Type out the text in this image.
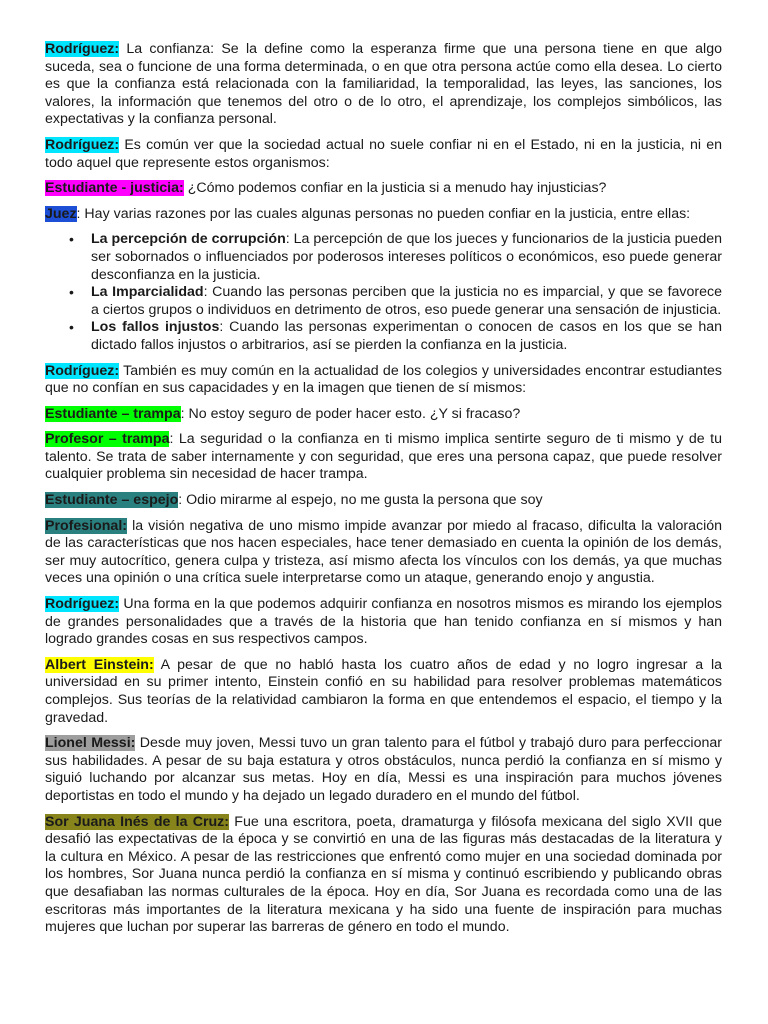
Rodríguez: La confianza: Se la define como la esperanza firme que una persona tiene en que algo suceda, sea o funcione de una forma determinada, o en que otra persona actúe como ella desea. Lo cierto es que la confianza está relacionada con la familiaridad, la temporalidad, las leyes, las sanciones, los valores, la información que tenemos del otro o de lo otro, el aprendizaje, los complejos simbólicos, las expectativas y la confianza personal.

Rodríguez: Es común ver que la sociedad actual no suele confiar ni en el Estado, ni en la justicia, ni en todo aquel que represente estos organismos:

Estudiante - justicia: ¿Cómo podemos confiar en la justicia si a menudo hay injusticias?

Juez: Hay varias razones por las cuales algunas personas no pueden confiar en la justicia, entre ellas:

• La percepción de corrupción: La percepción de que los jueces y funcionarios de la justicia pueden ser sobornados o influenciados por poderosos intereses políticos o económicos, eso puede generar desconfianza en la justicia.
• La Imparcialidad: Cuando las personas perciben que la justicia no es imparcial, y que se favorece a ciertos grupos o individuos en detrimento de otros, eso puede generar una sensación de injusticia.
• Los fallos injustos: Cuando las personas experimentan o conocen de casos en los que se han dictado fallos injustos o arbitrarios, así se pierden la confianza en la justicia.

Rodríguez: También es muy común en la actualidad de los colegios y universidades encontrar estudiantes que no confían en sus capacidades y en la imagen que tienen de sí mismos:

Estudiante – trampa: No estoy seguro de poder hacer esto. ¿Y si fracaso?

Profesor – trampa: La seguridad o la confianza en ti mismo implica sentirte seguro de ti mismo y de tu talento. Se trata de saber internamente y con seguridad, que eres una persona capaz, que puede resolver cualquier problema sin necesidad de hacer trampa.

Estudiante – espejo: Odio mirarme al espejo, no me gusta la persona que soy

Profesional: la visión negativa de uno mismo impide avanzar por miedo al fracaso, dificulta la valoración de las características que nos hacen especiales, hace tener demasiado en cuenta la opinión de los demás, ser muy autocrítico, genera culpa y tristeza, así mismo afecta los vínculos con los demás, ya que muchas veces una opinión o una crítica suele interpretarse como un ataque, generando enojo y angustia.

Rodríguez: Una forma en la que podemos adquirir confianza en nosotros mismos es mirando los ejemplos de grandes personalidades que a través de la historia que han tenido confianza en sí mismos y han logrado grandes cosas en sus respectivos campos.

Albert Einstein: A pesar de que no habló hasta los cuatro años de edad y no logro ingresar a la universidad en su primer intento, Einstein confió en su habilidad para resolver problemas matemáticos complejos. Sus teorías de la relatividad cambiaron la forma en que entendemos el espacio, el tiempo y la gravedad.

Lionel Messi: Desde muy joven, Messi tuvo un gran talento para el fútbol y trabajó duro para perfeccionar sus habilidades. A pesar de su baja estatura y otros obstáculos, nunca perdió la confianza en sí mismo y siguió luchando por alcanzar sus metas. Hoy en día, Messi es una inspiración para muchos jóvenes deportistas en todo el mundo y ha dejado un legado duradero en el mundo del fútbol.

Sor Juana Inés de la Cruz: Fue una escritora, poeta, dramaturga y filósofa mexicana del siglo XVII que desafió las expectativas de la época y se convirtió en una de las figuras más destacadas de la literatura y la cultura en México. A pesar de las restricciones que enfrentó como mujer en una sociedad dominada por los hombres, Sor Juana nunca perdió la confianza en sí misma y continuó escribiendo y publicando obras que desafiaban las normas culturales de la época. Hoy en día, Sor Juana es recordada como una de las escritoras más importantes de la literatura mexicana y ha sido una fuente de inspiración para muchas mujeres que luchan por superar las barreras de género en todo el mundo.
